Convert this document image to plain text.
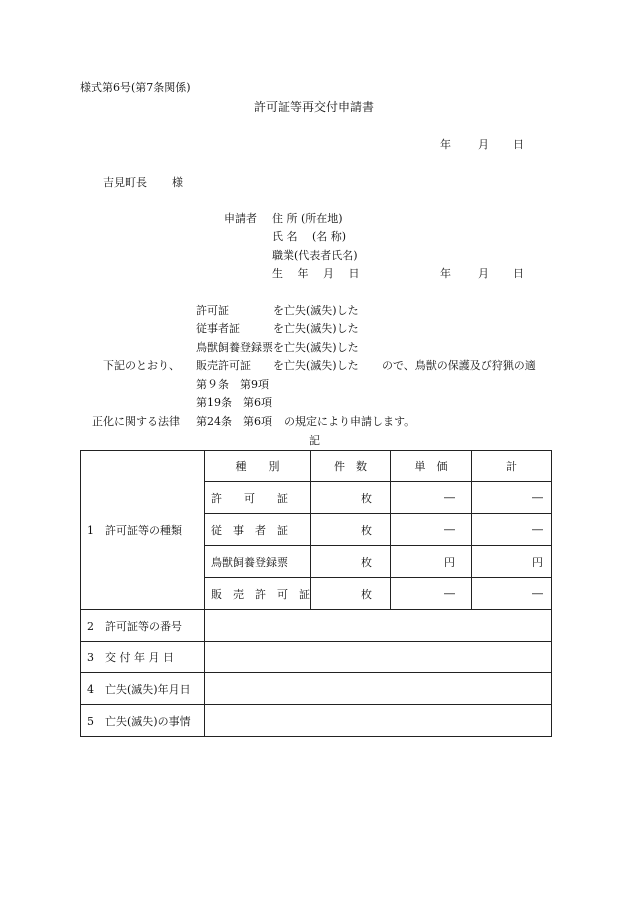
様式第6号(第7条関係)
許可証等再交付申請書
年 月 日
吉見町長 様
申請者 住 所 (所在地)
氏 名　 (名 称)
職業(代表者氏名)
生　 年　 月　 日	年 月 日
許可証　　　　を亡失(滅失)した
従事者証　　　を亡失(滅失)した
鳥獣飼養登録票を亡失(滅失)した
下記のとおり、 販売許可証　　を亡失(滅失)した ので、鳥獣の保護及び狩猟の適
第９条　第9項
第19条　第6項
正化に関する法律 第24条　第6項 の規定により申請します。
記
1　許可証等の種類	種　　別	件　数	単　価	計
	許　　可　　証	枚	―	―
	従　事　者　証	枚	―	―
	鳥獣飼養登録票	枚	円	円
	販　売　許　可　証	枚	―	―
2　許可証等の番号				
3　交 付 年 月 日				
4　亡失(滅失)年月日				
5　亡失(滅失)の事情				
